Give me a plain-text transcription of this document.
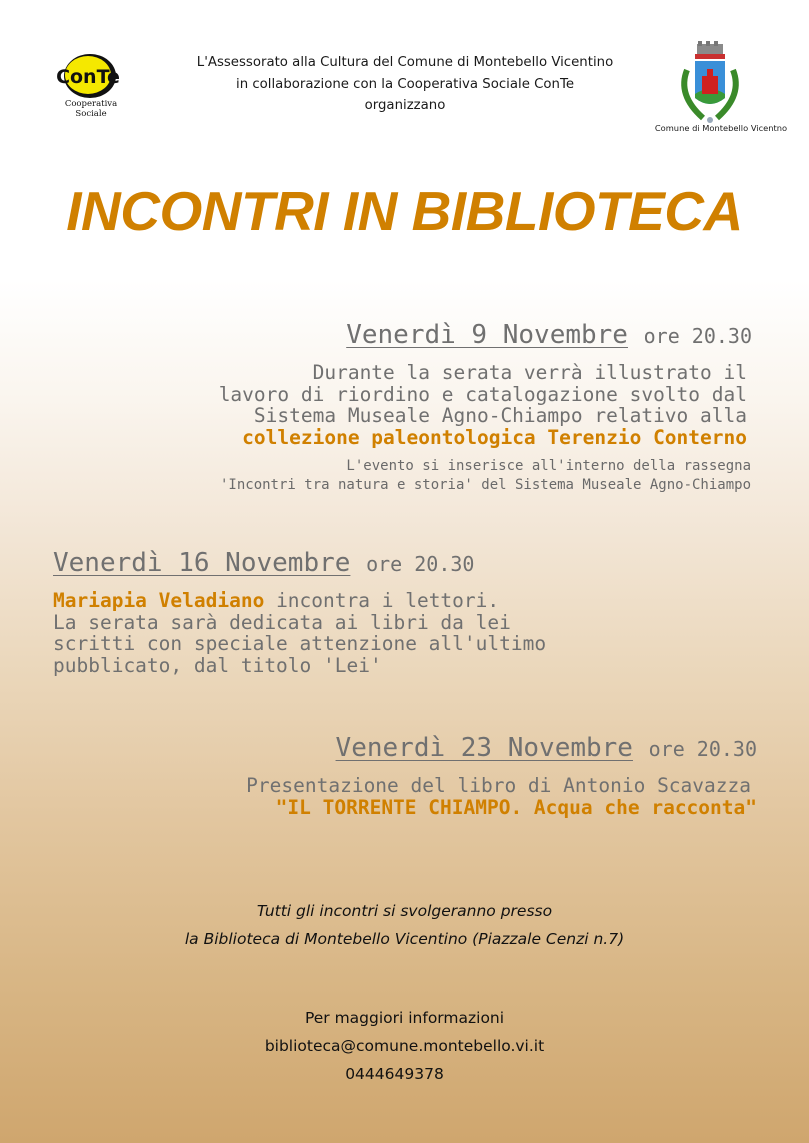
ConTe
Cooperativa Sociale
L'Assessorato alla Cultura del Comune di Montebello Vicentino
in collaborazione con la Cooperativa Sociale ConTe
organizzano
Comune di Montebello Vicentno
INCONTRI IN BIBLIOTECA
Venerdì 9 Novembre ore 20.30
Durante la serata verrà illustrato il
lavoro di riordino e catalogazione svolto dal
Sistema Museale Agno-Chiampo relativo alla
collezione paleontologica Terenzio Conterno
L'evento si inserisce all'interno della rassegna
'Incontri tra natura e storia' del Sistema Museale Agno-Chiampo
Venerdì 16 Novembre ore 20.30
Mariapia Veladiano incontra i lettori.
La serata sarà dedicata ai libri da lei
scritti con speciale attenzione all'ultimo
pubblicato, dal titolo 'Lei'
Venerdì 23 Novembre ore 20.30
Presentazione del libro di Antonio Scavazza
"IL TORRENTE CHIAMPO. Acqua che racconta"
Tutti gli incontri si svolgeranno presso
la Biblioteca di Montebello Vicentino (Piazzale Cenzi n.7)
Per maggiori informazioni
biblioteca@comune.montebello.vi.it
0444649378
